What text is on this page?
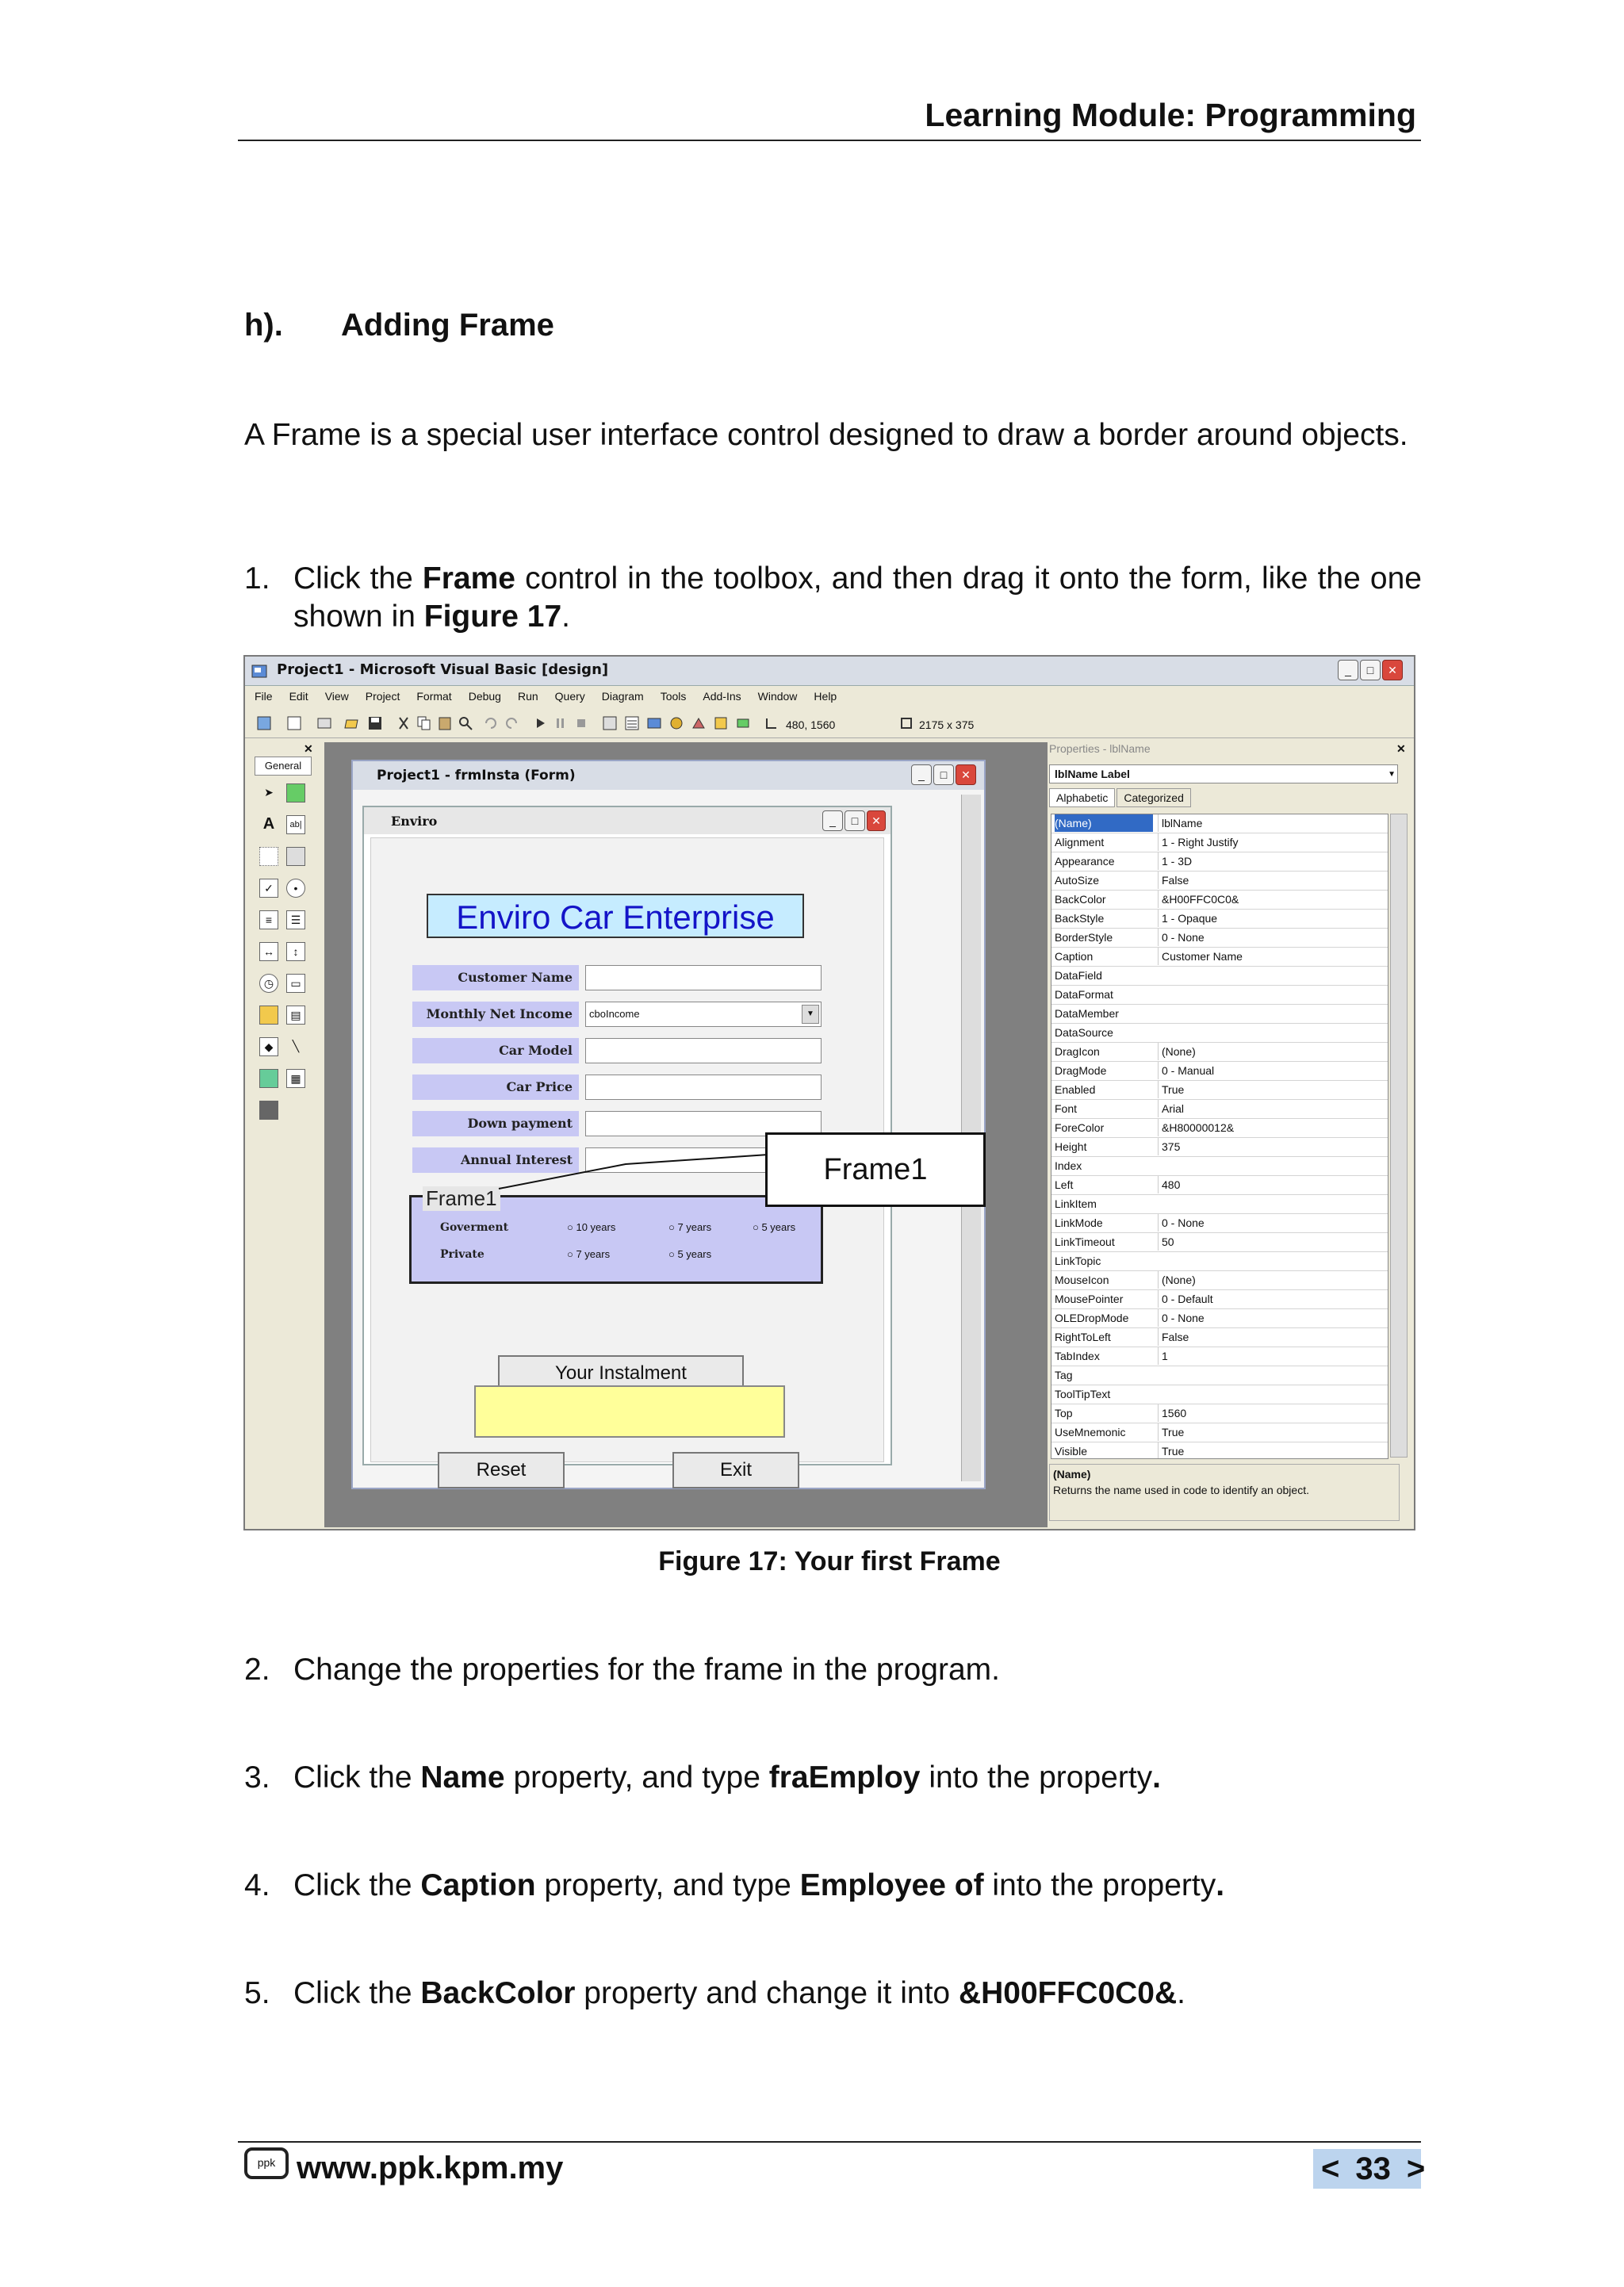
Learning Module: Programming
h). Adding Frame
A Frame is a special user interface control designed to draw a border around objects.
1. Click the Frame control in the toolbox, and then drag it onto the form, like the one shown in Figure 17.
Project1 - Microsoft Visual Basic [design]	_	□	✕
File Edit View Project Format Debug Run Query Diagram Tools Add-Ins Window Help
480, 1560	2175 x 375
✕
General
➤
A	ab|
✓	•
≡	☰
↔	↕
◷	▭
▤
◆	╲
▦
Project1 - frmInsta (Form)	_	□	✕
Enviro	_	□	✕
Enviro Car Enterprise
Customer Name
Monthly Net Income	cboIncome	▼
Car Model
Car Price
Down payment
Annual Interest
Frame1
Goverment	○ 10 years	○ 7 years	○ 5 years
Private	○ 7 years	○ 5 years
Your Instalment
Reset	Exit
Frame1
Properties - lblName	✕
lblName Label	▼
Alphabetic Categorized
(Name)	lblName
Alignment	1 - Right Justify
Appearance	1 - 3D
AutoSize	False
BackColor	&H00FFC0C0&
BackStyle	1 - Opaque
BorderStyle	0 - None
Caption	Customer Name
DataField
DataFormat
DataMember
DataSource
DragIcon	(None)
DragMode	0 - Manual
Enabled	True
Font	Arial
ForeColor	&H80000012&
Height	375
Index
Left	480
LinkItem
LinkMode	0 - None
LinkTimeout	50
LinkTopic
MouseIcon	(None)
MousePointer	0 - Default
OLEDropMode	0 - None
RightToLeft	False
TabIndex	1
Tag
ToolTipText
Top	1560
UseMnemonic	True
Visible	True
(Name)
Returns the name used in code to identify an object.
Figure 17: Your first Frame
2. Change the properties for the frame in the program.
3. Click the Name property, and type fraEmploy into the property.
4. Click the Caption property, and type Employee of into the property.
5. Click the BackColor property and change it into &H00FFC0C0&.
ppk www.ppk.kpm.my	< 33 >
